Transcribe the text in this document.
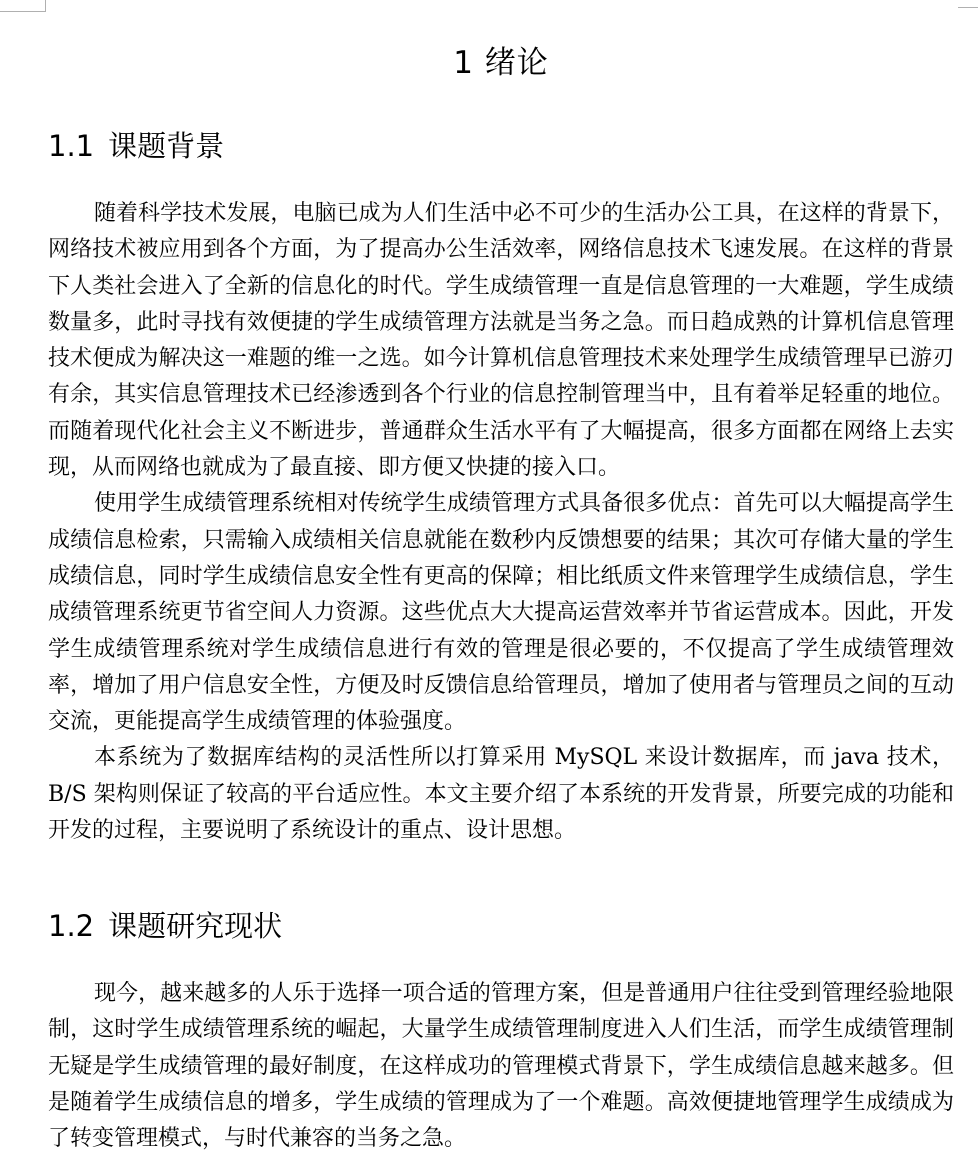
1 绪论
1.1 课题背景

随着科学技术发展，电脑已成为人们生活中必不可少的生活办公工具，在这样的背景下，网络技术被应用到各个方面，为了提高办公生活效率，网络信息技术飞速发展。在这样的背景下人类社会进入了全新的信息化的时代。学生成绩管理一直是信息管理的一大难题，学生成绩数量多，此时寻找有效便捷的学生成绩管理方法就是当务之急。而日趋成熟的计算机信息管理技术便成为解决这一难题的维一之选。如今计算机信息管理技术来处理学生成绩管理早已游刃有余，其实信息管理技术已经渗透到各个行业的信息控制管理当中，且有着举足轻重的地位。而随着现代化社会主义不断进步，普通群众生活水平有了大幅提高，很多方面都在网络上去实现，从而网络也就成为了最直接、即方便又快捷的接入口。

使用学生成绩管理系统相对传统学生成绩管理方式具备很多优点：首先可以大幅提高学生成绩信息检索，只需输入成绩相关信息就能在数秒内反馈想要的结果；其次可存储大量的学生成绩信息，同时学生成绩信息安全性有更高的保障；相比纸质文件来管理学生成绩信息，学生成绩管理系统更节省空间人力资源。这些优点大大提高运营效率并节省运营成本。因此，开发学生成绩管理系统对学生成绩信息进行有效的管理是很必要的，不仅提高了学生成绩管理效率，增加了用户信息安全性，方便及时反馈信息给管理员，增加了使用者与管理员之间的互动交流，更能提高学生成绩管理的体验强度。

本系统为了数据库结构的灵活性所以打算采用 MySQL 来设计数据库，而 java 技术，B/S 架构则保证了较高的平台适应性。本文主要介绍了本系统的开发背景，所要完成的功能和开发的过程，主要说明了系统设计的重点、设计思想。

1.2 课题研究现状

现今，越来越多的人乐于选择一项合适的管理方案，但是普通用户往往受到管理经验地限制，这时学生成绩管理系统的崛起，大量学生成绩管理制度进入人们生活，而学生成绩管理制无疑是学生成绩管理的最好制度，在这样成功的管理模式背景下，学生成绩信息越来越多。但是随着学生成绩信息的增多，学生成绩的管理成为了一个难题。高效便捷地管理学生成绩成为了转变管理模式，与时代兼容的当务之急。
